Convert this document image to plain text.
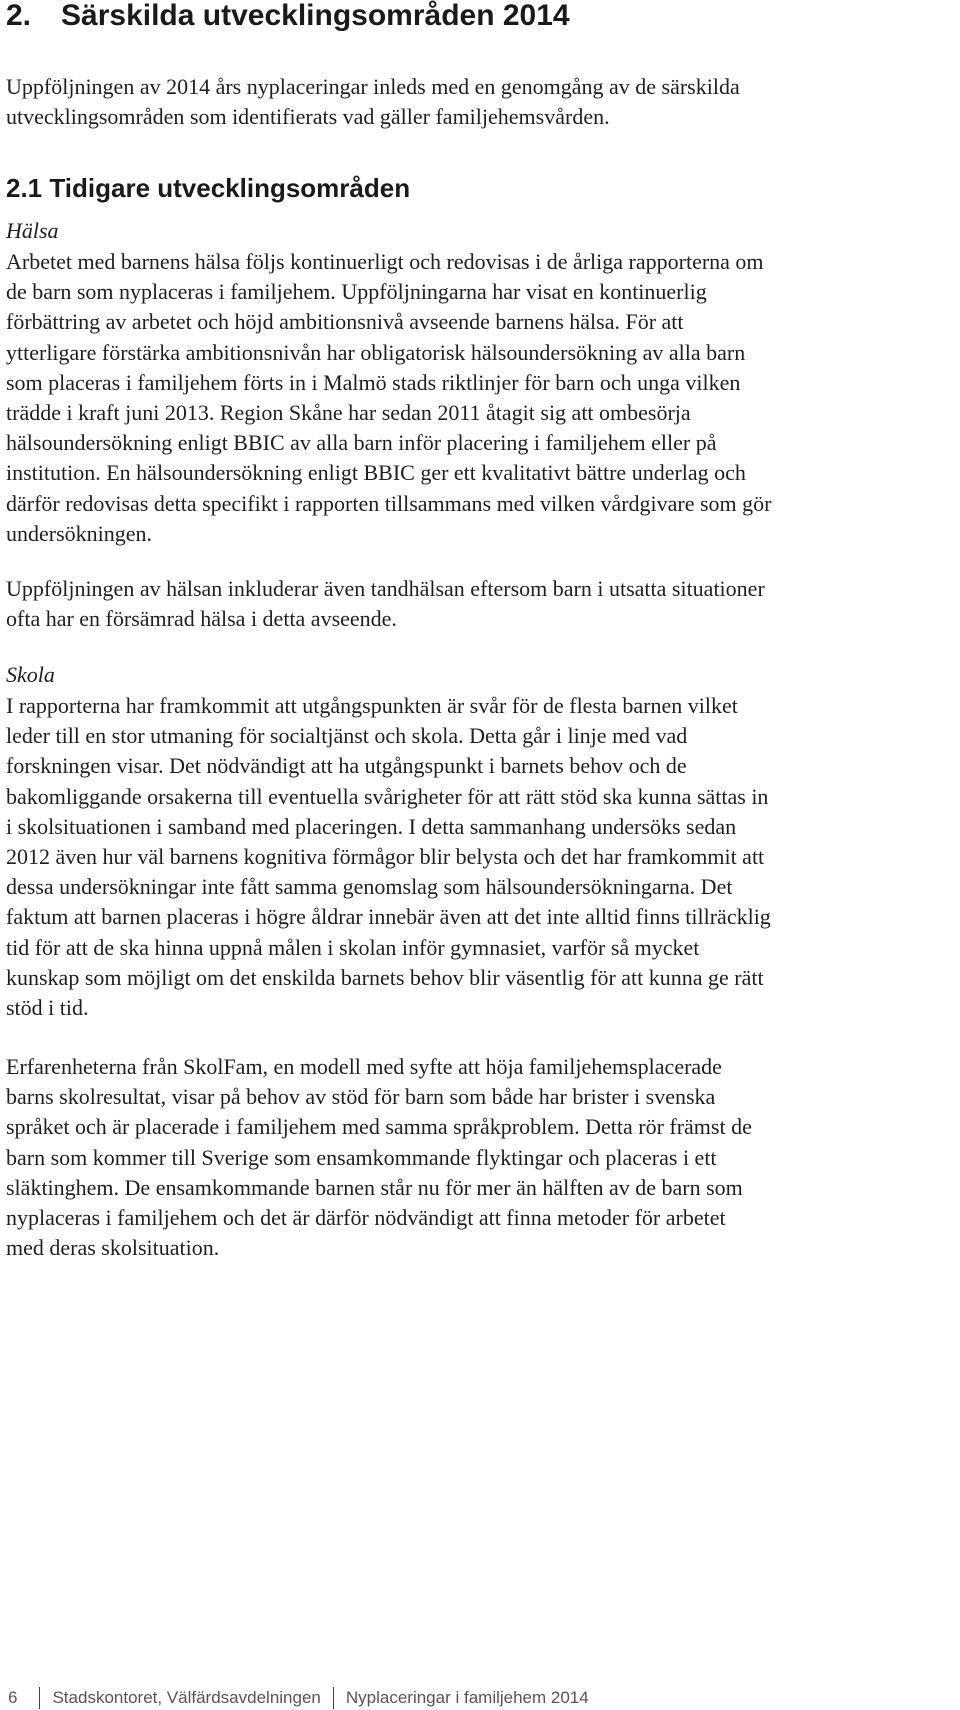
2. Särskilda utvecklingsområden 2014
Uppföljningen av 2014 års nyplaceringar inleds med en genomgång av de särskilda
utvecklingsområden som identifierats vad gäller familjehemsvården.
2.1 Tidigare utvecklingsområden
Hälsa
Arbetet med barnens hälsa följs kontinuerligt och redovisas i de årliga rapporterna om
de barn som nyplaceras i familjehem. Uppföljningarna har visat en kontinuerlig
förbättring av arbetet och höjd ambitionsnivå avseende barnens hälsa. För att
ytterligare förstärka ambitionsnivån har obligatorisk hälsoundersökning av alla barn
som placeras i familjehem förts in i Malmö stads riktlinjer för barn och unga vilken
trädde i kraft juni 2013. Region Skåne har sedan 2011 åtagit sig att ombesörja
hälsoundersökning enligt BBIC av alla barn inför placering i familjehem eller på
institution. En hälsoundersökning enligt BBIC ger ett kvalitativt bättre underlag och
därför redovisas detta specifikt i rapporten tillsammans med vilken vårdgivare som gör
undersökningen.
Uppföljningen av hälsan inkluderar även tandhälsan eftersom barn i utsatta situationer
ofta har en försämrad hälsa i detta avseende.
Skola
I rapporterna har framkommit att utgångspunkten är svår för de flesta barnen vilket
leder till en stor utmaning för socialtjänst och skola. Detta går i linje med vad
forskningen visar. Det nödvändigt att ha utgångspunkt i barnets behov och de
bakomliggande orsakerna till eventuella svårigheter för att rätt stöd ska kunna sättas in
i skolsituationen i samband med placeringen. I detta sammanhang undersöks sedan
2012 även hur väl barnens kognitiva förmågor blir belysta och det har framkommit att
dessa undersökningar inte fått samma genomslag som hälsoundersökningarna. Det
faktum att barnen placeras i högre åldrar innebär även att det inte alltid finns tillräcklig
tid för att de ska hinna uppnå målen i skolan inför gymnasiet, varför så mycket
kunskap som möjligt om det enskilda barnets behov blir väsentlig för att kunna ge rätt
stöd i tid.
Erfarenheterna från SkolFam, en modell med syfte att höja familjehemsplacerade
barns skolresultat, visar på behov av stöd för barn som både har brister i svenska
språket och är placerade i familjehem med samma språkproblem. Detta rör främst de
barn som kommer till Sverige som ensamkommande flyktingar och placeras i ett
släktinghem. De ensamkommande barnen står nu för mer än hälften av de barn som
nyplaceras i familjehem och det är därför nödvändigt att finna metoder för arbetet
med deras skolsituation.
6 Stadskontoret, Välfärdsavdelningen Nyplaceringar i familjehem 2014
